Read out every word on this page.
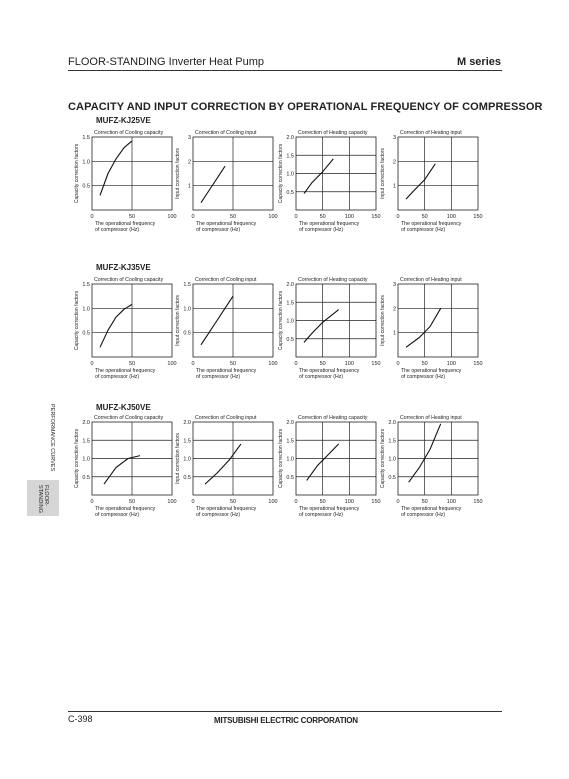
FLOOR-STANDING Inverter Heat Pump	M series
CAPACITY AND INPUT CORRECTION BY OPERATIONAL FREQUENCY OF COMPRESSOR
MUFZ-KJ25VE
MUFZ-KJ35VE
MUFZ-KJ50VE
PERFORMANCE CURVES
FLOOR-
STANDING
0	50	100
0.5
1.0
1.5
Correction of Cooling capacity
Capacity correction factors
The operational frequency
of compressor (Hz)
0	50	100
1
2
3
Correction of Cooling input
Input correction factors
The operational frequency
of compressor (Hz)
0	50	100	150
0.5
1.0
1.5
2.0
Correction of Heating capacity
Capacity correction factors
The operational frequency
of compressor (Hz)
0	50	100	150
1
2
3
Correction of Heating input
Input correction factors
The operational frequency
of compressor (Hz)
0	50	100
0.5
1.0
1.5
Correction of Cooling capacity
Capacity correction factors
The operational frequency
of compressor (Hz)
0	50	100
0.5
1.0
1.5
Correction of Cooling input
Input correction factors
The operational frequency
of compressor (Hz)
0	50	100	150
0.5
1.0
1.5
2.0
Correction of Heating capacity
Capacity correction factors
The operational frequency
of compressor (Hz)
0	50	100	150
1
2
3
Correction of Heating input
Input correction factors
The operational frequency
of compressor (Hz)
0	50	100
0.5
1.0
1.5
2.0
Correction of Cooling capacity
Capacity correction factors
The operational frequency
of compressor (Hz)
0	50	100
0.5
1.0
1.5
2.0
Correction of Cooling input
Input correction factors
The operational frequency
of compressor (Hz)
0	50	100	150
0.5
1.0
1.5
2.0
Correction of Heating capacity
Capacity correction factors
The operational frequency
of compressor (Hz)
0	50	100	150
0.5
1.0
1.5
2.0
Correction of Heating input
Capacity correction factors
The operational frequency
of compressor (Hz)
C-398	MITSUBISHI ELECTRIC CORPORATION
